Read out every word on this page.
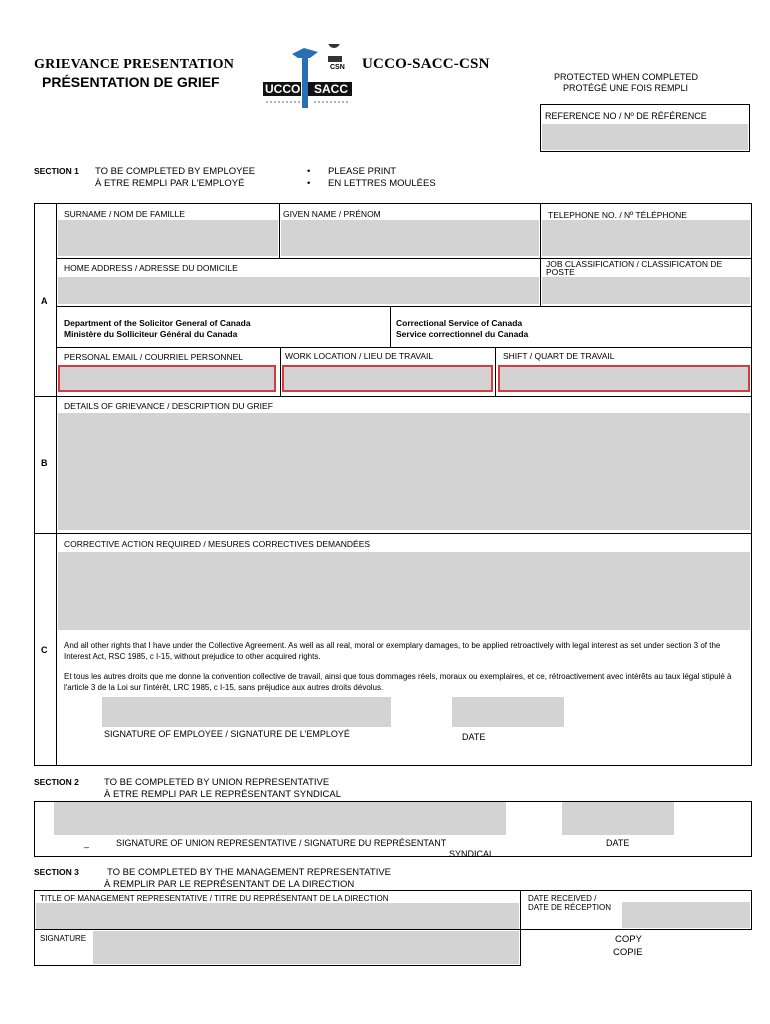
GRIEVANCE PRESENTATION
PRÉSENTATION DE GRIEF	UCCO SACC
CSN UCCO-SACC-CSN
PROTECTED WHEN COMPLETED
PROTÉGÉ UNE FOIS REMPLI
REFERENCE NO / Nº DE RÉFÉRENCE
SECTION 1 TO BE COMPLETED BY EMPLOYEE
À ETRE REMPLI PAR L'EMPLOYÉ
• PLEASE PRINT
• EN LETTRES MOULÉES
A
SURNAME / NOM DE FAMILLE	GIVEN NAME / PRÉNOM	TELEPHONE NO. / Nº TÉLÉPHONE
HOME ADDRESS / ADRESSE DU DOMICILE	JOB CLASSIFICATION / CLASSIFICATON DE
POSTE
Department of the Solicitor General of Canada
Ministère du Solliciteur Général du Canada
Correctional Service of Canada
Service correctionnel du Canada
PERSONAL EMAIL / COURRIEL PERSONNEL	WORK LOCATION / LIEU DE TRAVAIL	SHIFT / QUART DE TRAVAIL
B
DETAILS OF GRIEVANCE / DESCRIPTION DU GRIEF
C
CORRECTIVE ACTION REQUIRED / MESURES CORRECTIVES DEMANDÉES
And all other rights that I have under the Collective Agreement. As well as all real, moral or exemplary damages, to be applied retroactively with legal interest as set under section 3 of the Interest Act, RSC 1985, c I-15, without prejudice to other acquired rights.
Et tous les autres droits que me donne la convention collective de travail, ainsi que tous dommages réels, moraux ou exemplaires, et ce, rétroactivement avec intérêts au taux légal stipulé à l'article 3 de la Loi sur l'intérêt, LRC 1985, c I-15, sans préjudice aux autres droits dévolus.
SIGNATURE OF EMPLOYEE / SIGNATURE DE L'EMPLOYÉ	DATE
SECTION 2	TO BE COMPLETED BY UNION REPRESENTATIVE
À ETRE REMPLI PAR LE REPRÉSENTANT SYNDICAL
_	SIGNATURE OF UNION REPRESENTATIVE / SIGNATURE DU REPRÉSENTANT
SYNDICAL
DATE
SECTION 3	TO BE COMPLETED BY THE MANAGEMENT REPRESENTATIVE
À REMPLIR PAR LE REPRÉSENTANT DE LA DIRECTION
TITLE OF MANAGEMENT REPRESENTATIVE / TITRE DU REPRÉSENTANT DE LA DIRECTION	DATE RECEIVED /
DATE DE RÉCEPTION
SIGNATURE	COPY
COPIE
